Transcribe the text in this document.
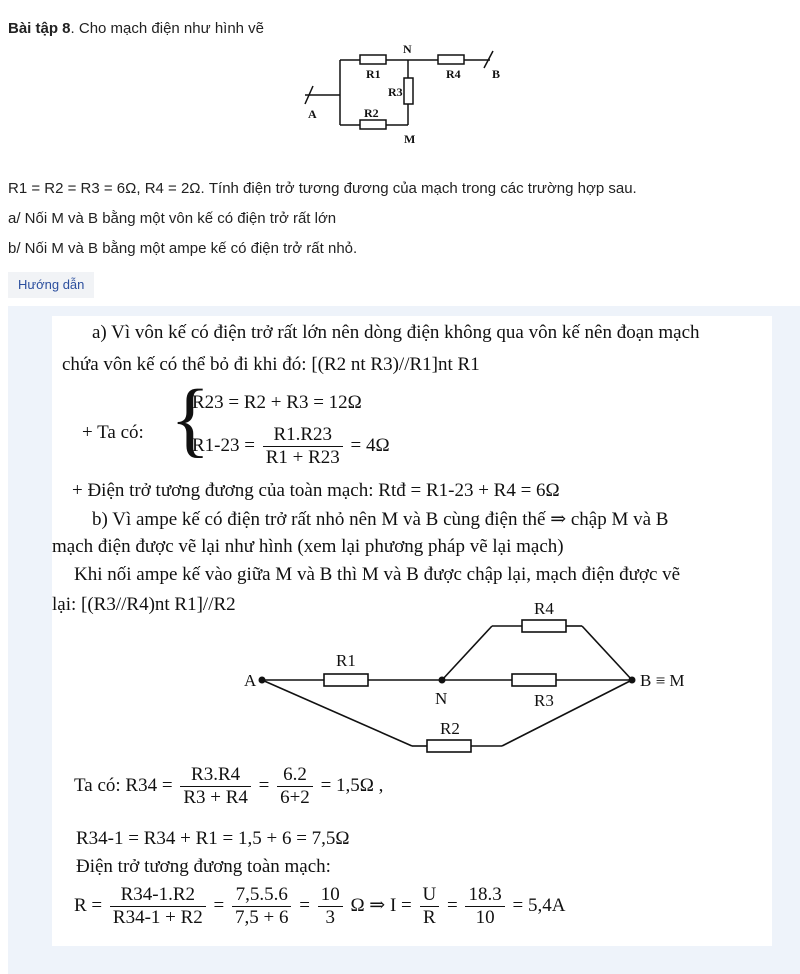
Bài tập 8. Cho mạch điện như hình vẽ
R1
R2
R3
R4
A
B
N
M
R1 = R2 = R3 = 6Ω, R4 = 2Ω. Tính điện trở tương đương của mạch trong các trường hợp sau.
a/ Nối M và B bằng một vôn kế có điện trở rất lớn
b/ Nối M và B bằng một ampe kế có điện trở rất nhỏ.
Hướng dẫn
a) Vì vôn kế có điện trở rất lớn nên dòng điện không qua vôn kế nên đoạn mạch
chứa vôn kế có thể bỏ đi khi đó: [(R2 nt R3)//R1]nt R1
+ Ta có: {
R23 = R2 + R3 = 12Ω
$R1-23 = \frac{R1.R23}{R1 + R23} = 4\Omega$
+ Điện trở tương đương của toàn mạch: Rtđ = R1-23 + R4 = 6Ω
b) Vì ampe kế có điện trở rất nhỏ nên M và B cùng điện thế ⇒ chập M và B
mạch điện được vẽ lại như hình (xem lại phương pháp vẽ lại mạch)
Khi nối ampe kế vào giữa M và B thì M và B được chập lại, mạch điện được vẽ
lại: [(R3//R4)nt R1]//R2
A	B ≡ M
N
R1
R3
R4
R2
Ta có: $R34 = \frac{R3.R4}{R3 + R4} = \frac{6.2}{6+2} = 1,5\Omega$ ,
R34-1 = R34 + R1 = 1,5 + 6 = 7,5Ω
Điện trở tương đương toàn mạch:
$R = \frac{R34-1.R2}{R34-1 + R2} = \frac{7,5.5.6}{7,5 + 6} = \frac{10}{3}$ Ω ⇒ $I = \frac{U}{R} = \frac{18.3}{10} = 5,4A$
